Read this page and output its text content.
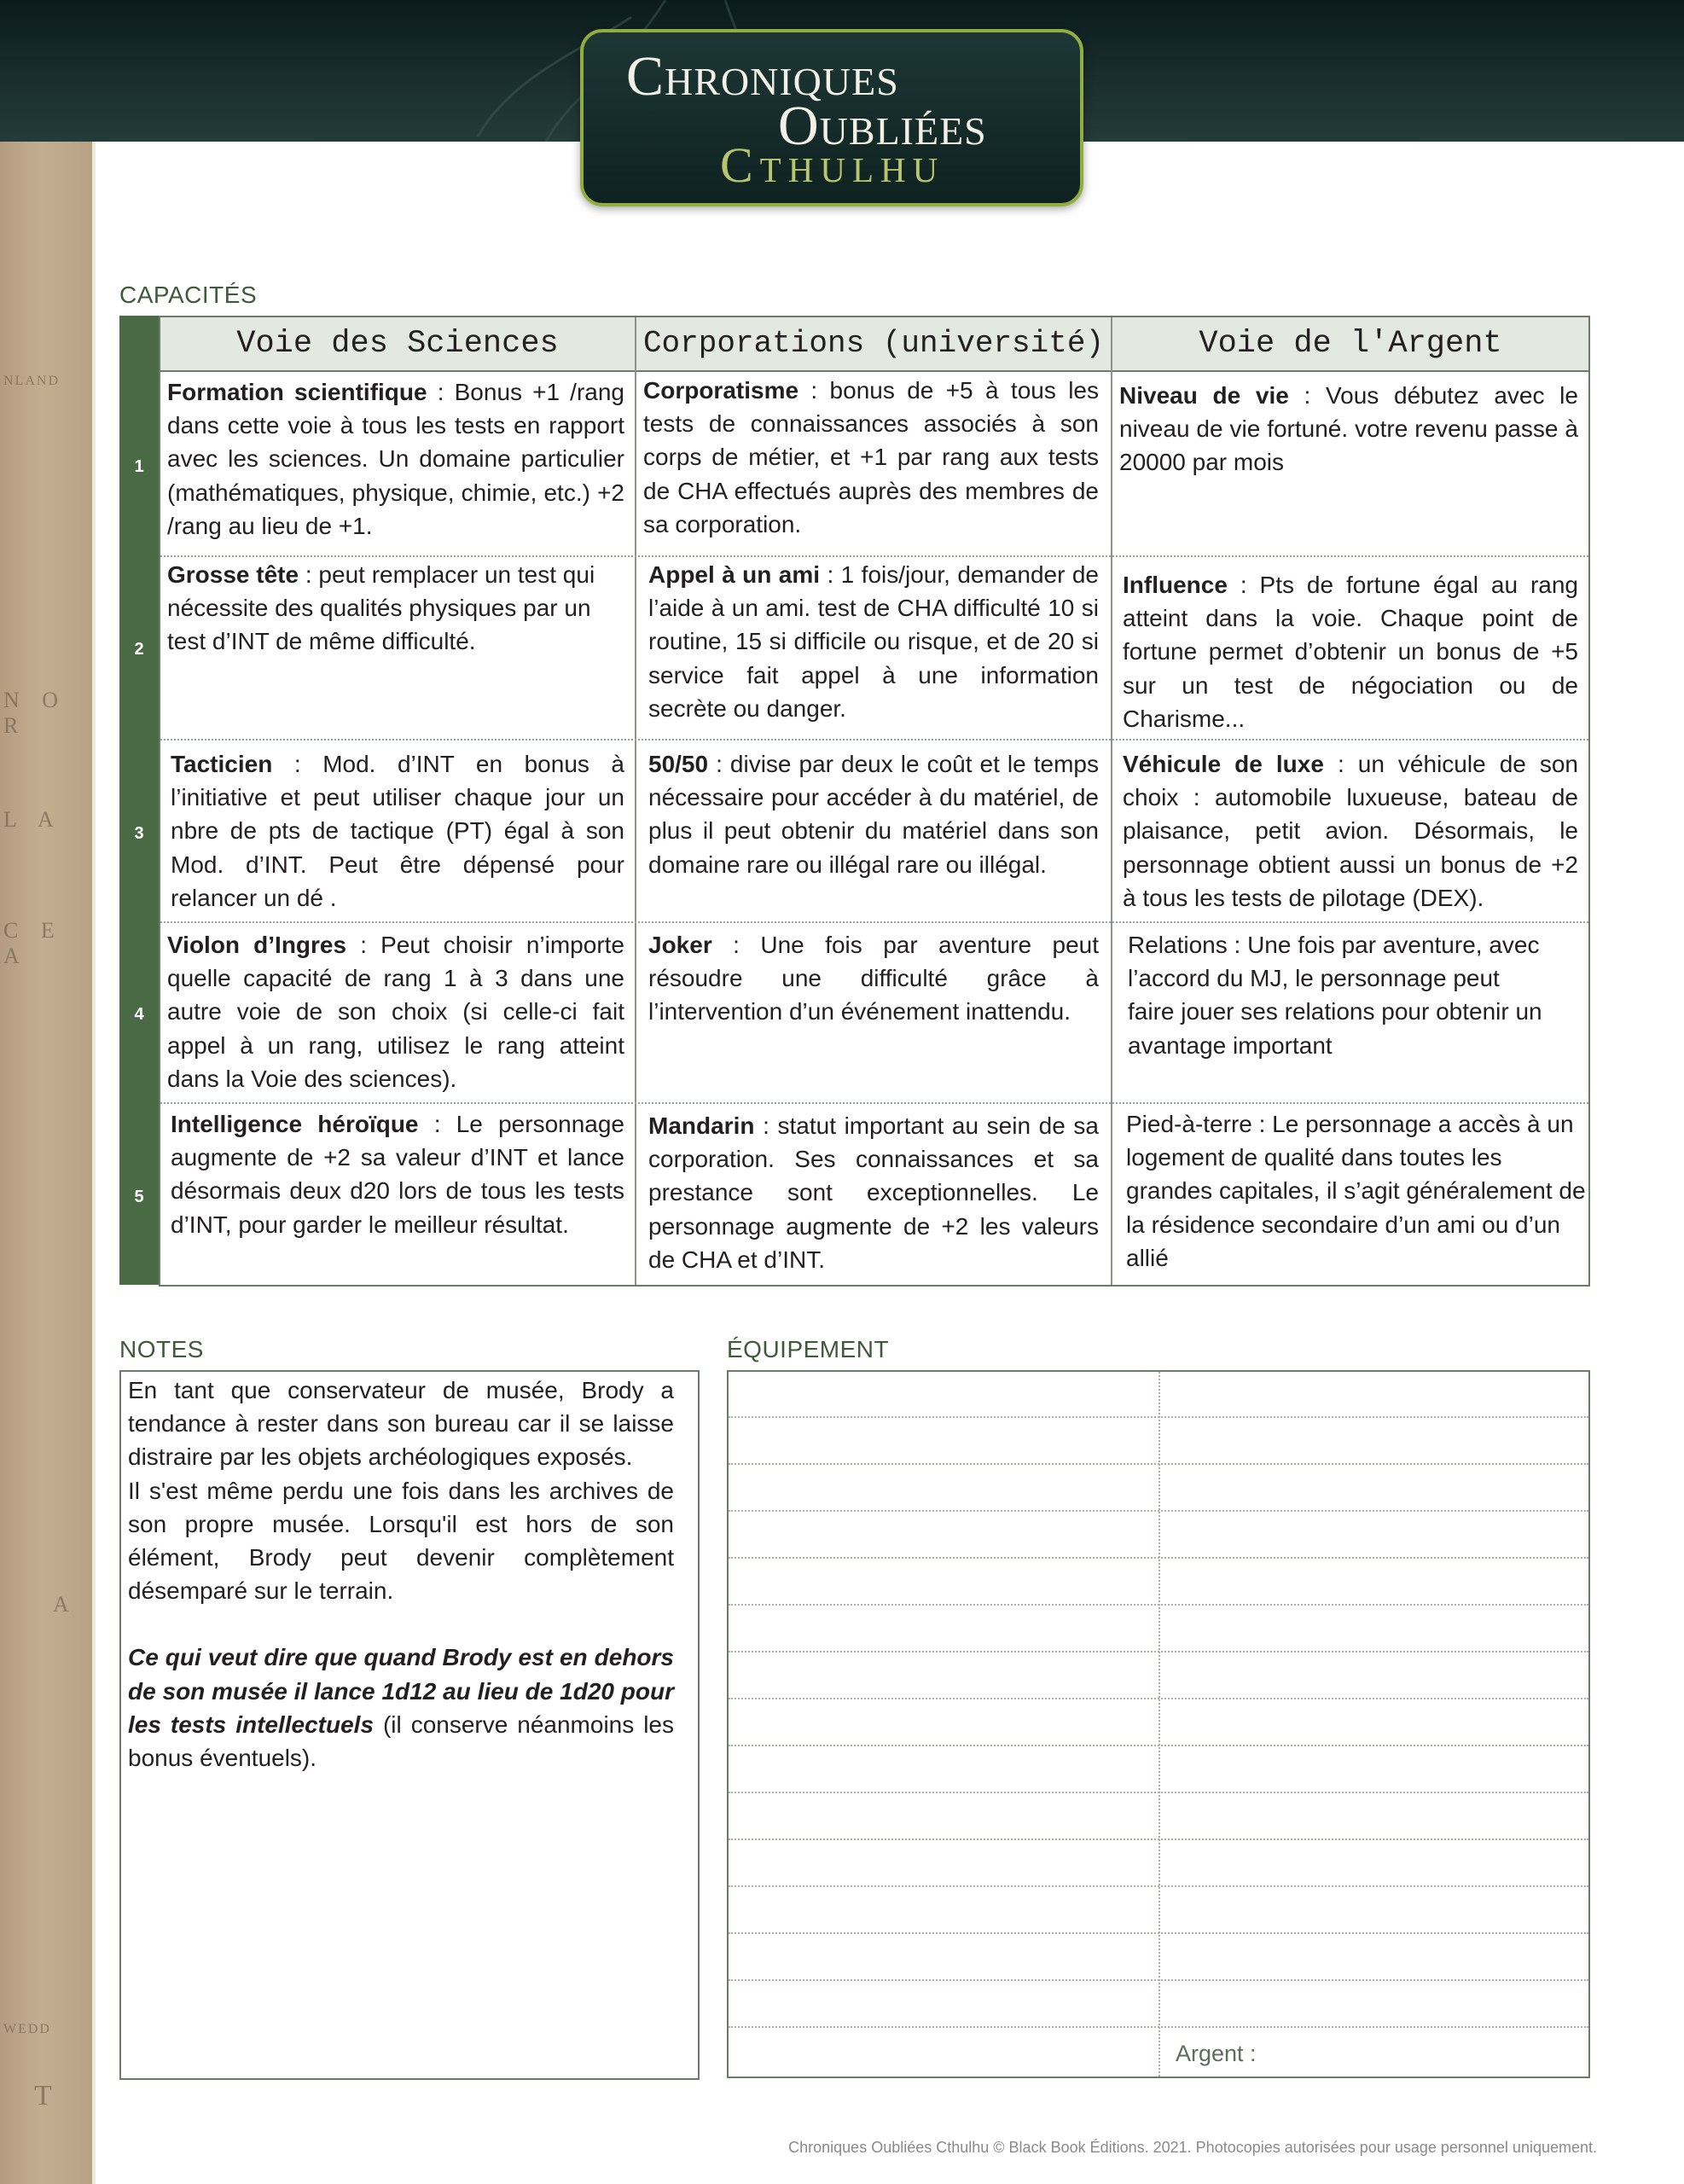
NLAND
N O R
L A
C E A
A
WEDD
T
Chroniques
Oubliées
Cthulhu
CAPACITÉS
1
2
3
4
5
Voie des Sciences	Corporations (université)	Voie de l'Argent
Formation scientifique : Bonus +1 /rang dans cette voie à tous les tests en rapport avec les sciences. Un domaine particulier (mathématiques, physique, chimie, etc.) +2 /rang au lieu de +1.
Grosse tête : peut remplacer un test qui nécessite des qualités physiques par un test d’INT de même difficulté.
Tacticien : Mod. d’INT en bonus à l’initiative et peut utiliser chaque jour un nbre de pts de tactique (PT) égal à son Mod. d’INT. Peut être dépensé pour relancer un dé .
Violon d’Ingres : Peut choisir n’importe quelle capacité de rang 1 à 3 dans une autre voie de son choix (si celle-ci fait appel à un rang, utilisez le rang atteint dans la Voie des sciences).
Intelligence héroïque : Le personnage augmente de +2 sa valeur d’INT et lance désormais deux d20 lors de tous les tests d’INT, pour garder le meilleur résultat.
Corporatisme : bonus de +5 à tous les tests de connaissances associés à son corps de métier, et +1 par rang aux tests de CHA effectués auprès des membres de sa corporation.
Appel à un ami : 1 fois/jour, demander de l’aide à un ami. test de CHA difficulté 10 si routine, 15 si difficile ou risque, et de 20 si service fait appel à une information secrète ou danger.
50/50 : divise par deux le coût et le temps nécessaire pour accéder à du matériel, de plus il peut obtenir du matériel dans son domaine rare ou illégal rare ou illégal.
Joker : Une fois par aventure peut résoudre une difficulté grâce à l’intervention d’un événement inattendu.
Mandarin : statut important au sein de sa corporation. Ses connaissances et sa prestance sont exceptionnelles. Le personnage augmente de +2 les valeurs de CHA et d’INT.
Niveau de vie : Vous débutez avec le niveau de vie fortuné. votre revenu passe à 20000 par mois
Influence : Pts de fortune égal au rang atteint dans la voie. Chaque point de fortune permet d’obtenir un bonus de +5 sur un test de négociation ou de Charisme...
Véhicule de luxe : un véhicule de son choix : automobile luxueuse, bateau de plaisance, petit avion. Désormais, le personnage obtient aussi un bonus de +2 à tous les tests de pilotage (DEX).
Relations : Une fois par aventure, avec l’accord du MJ, le personnage peut faire jouer ses relations pour obtenir un avantage important
Pied-à-terre : Le personnage a accès à un logement de qualité dans toutes les grandes capitales, il s’agit généralement de la résidence secondaire d’un ami ou d’un allié
NOTES

En tant que conservateur de musée, Brody a tendance à rester dans son bureau car il se laisse distraire par les objets archéologiques exposés.

Il s'est même perdu une fois dans les archives de son propre musée. Lorsqu'il est hors de son élément, Brody peut devenir complètement désemparé sur le terrain.

Ce qui veut dire que quand Brody est en dehors de son musée il lance 1d12 au lieu de 1d20 pour les tests intellectuels (il conserve néanmoins les bonus éventuels).

ÉQUIPEMENT
Argent :
Chroniques Oubliées Cthulhu © Black Book Éditions. 2021. Photocopies autorisées pour usage personnel uniquement.
